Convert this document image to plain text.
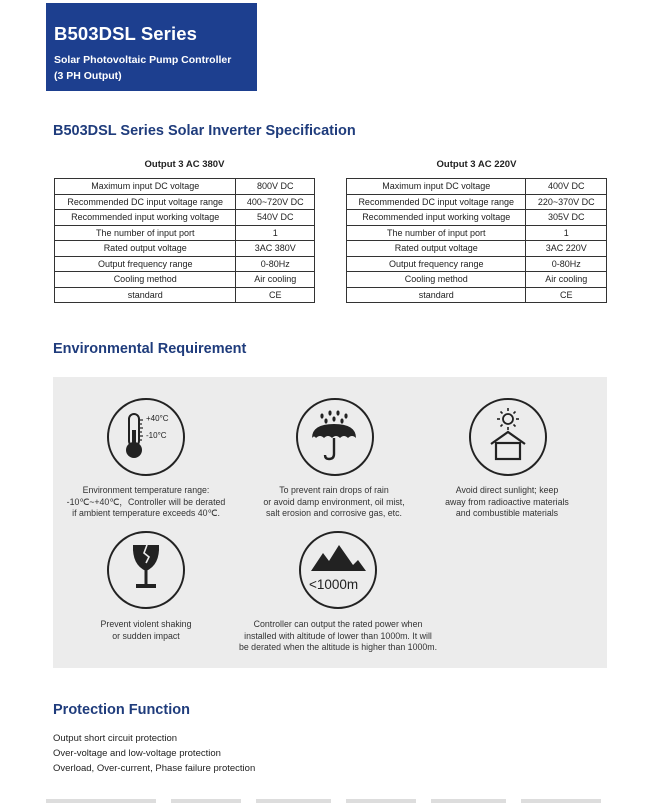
B503DSL Series
Solar Photovoltaic Pump Controller
(3 PH Output)
B503DSL Series Solar Inverter Specification
Output 3 AC 380V
Maximum input DC voltage	800V DC
Recommended DC input voltage range	400~720V DC
Recommended input working voltage	540V DC
The number of input port	1
Rated output voltage	3AC 380V
Output frequency range	0-80Hz
Cooling method	Air cooling
standard	CE
Output 3 AC 220V
Maximum input DC voltage	400V DC
Recommended DC input voltage range	220~370V DC
Recommended input working voltage	305V DC
The number of input port	1
Rated output voltage	3AC 220V
Output frequency range	0-80Hz
Cooling method	Air cooling
standard	CE
Environmental Requirement
+40°C
-10°C
Environment temperature range:
-10℃~+40℃，Controller will be derated
if ambient temperature exceeds 40℃.
To prevent rain drops of rain
or avoid damp environment, oil mist,
salt erosion and corrosive gas, etc.
Avoid direct sunlight; keep
away from radioactive materials
and combustible materials
Prevent violent shaking
or sudden impact
<1000m
Controller can output the rated power when
installed with altitude of lower than 1000m. It will
be derated when the altitude is higher than 1000m.
Protection Function
Output short circuit protection
Over-voltage and low-voltage protection
Overload, Over-current, Phase failure protection
